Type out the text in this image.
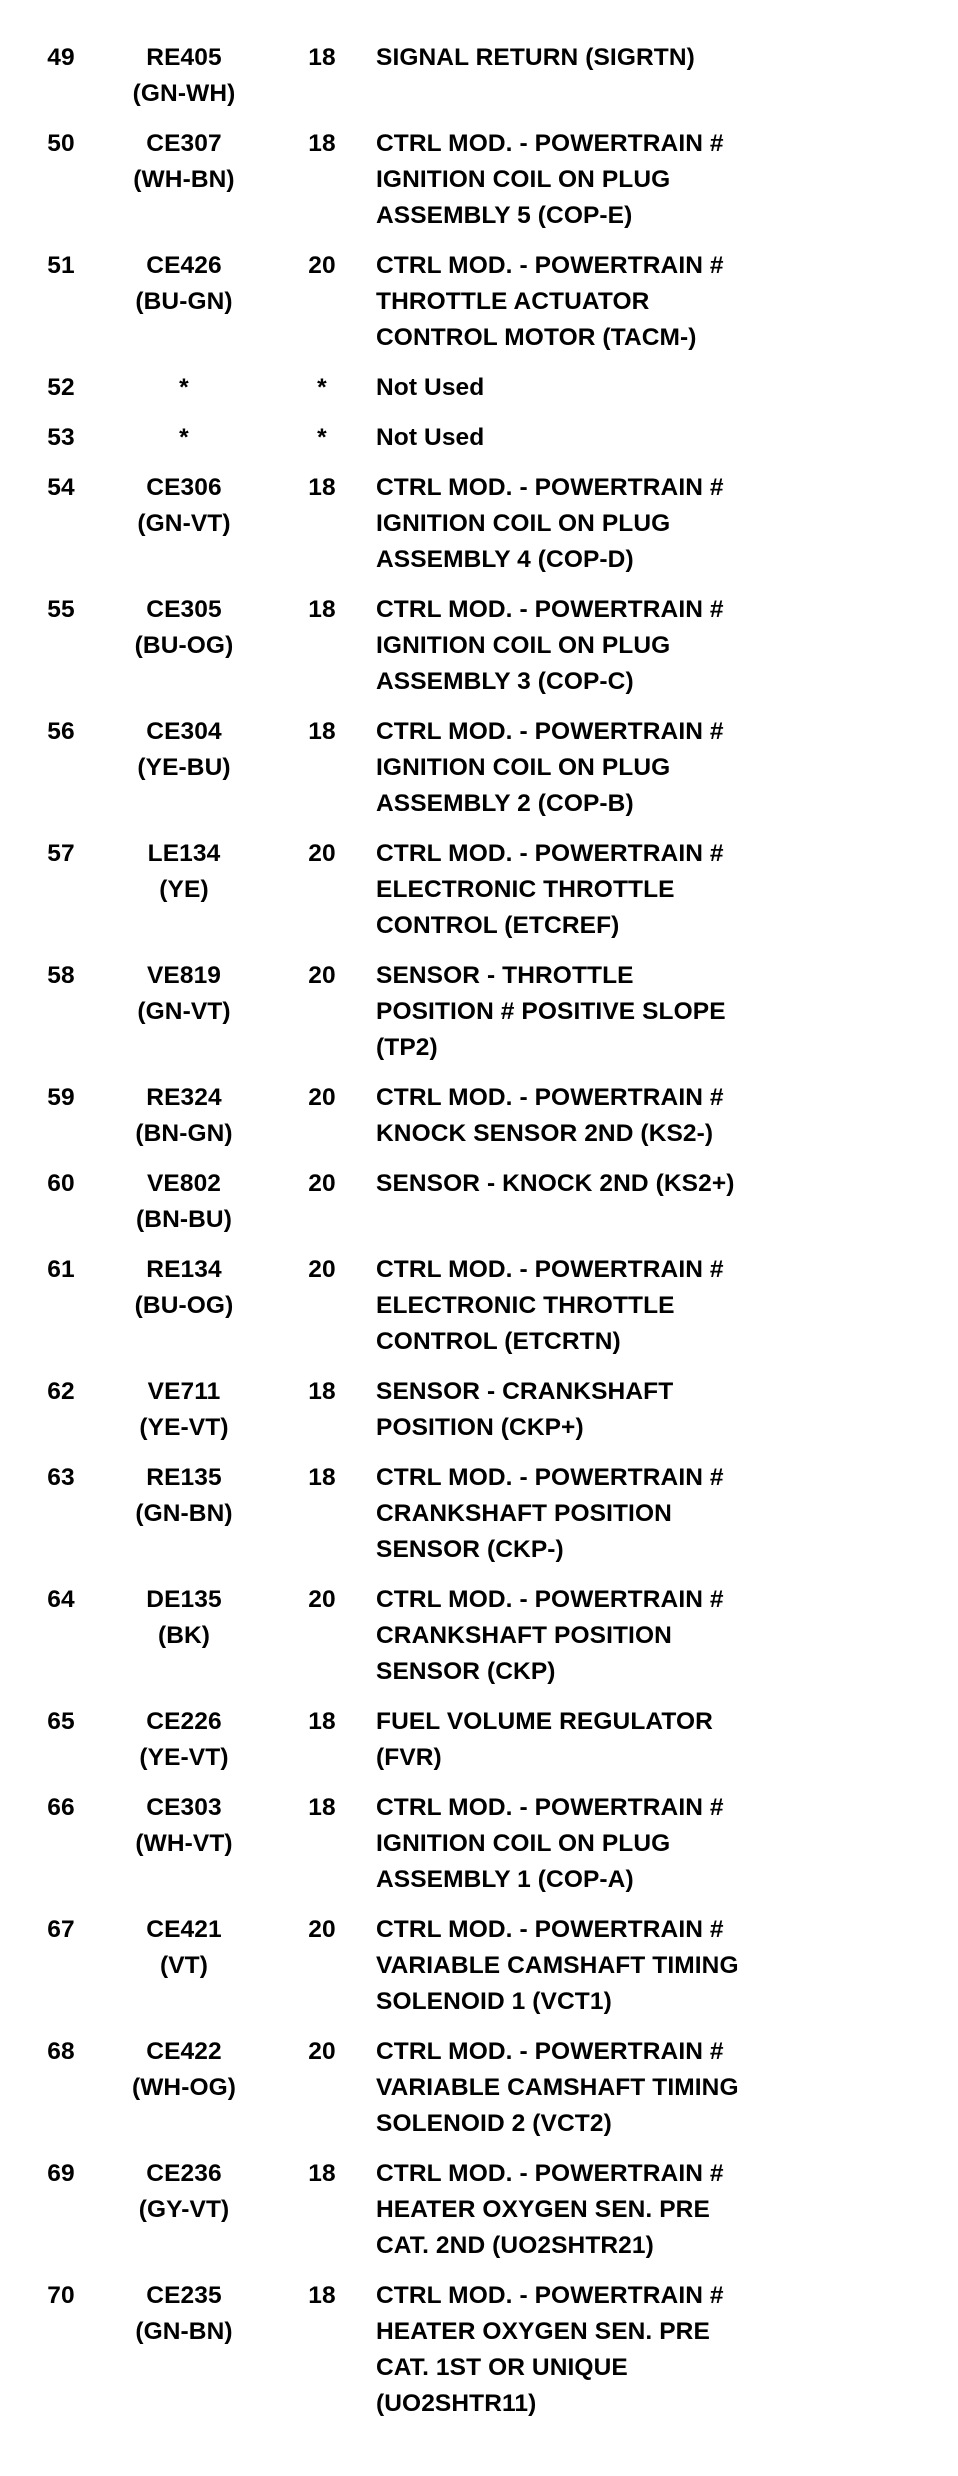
49	RE405
(GN-WH)	18	SIGNAL RETURN (SIGRTN)

50	CE307
(WH-BN)	18	CTRL MOD. - POWERTRAIN #
IGNITION COIL ON PLUG
ASSEMBLY 5 (COP-E)

51	CE426
(BU-GN)	20	CTRL MOD. - POWERTRAIN #
THROTTLE ACTUATOR
CONTROL MOTOR (TACM-)

52	*	*	Not Used

53	*	*	Not Used

54	CE306
(GN-VT)	18	CTRL MOD. - POWERTRAIN #
IGNITION COIL ON PLUG
ASSEMBLY 4 (COP-D)

55	CE305
(BU-OG)	18	CTRL MOD. - POWERTRAIN #
IGNITION COIL ON PLUG
ASSEMBLY 3 (COP-C)

56	CE304
(YE-BU)	18	CTRL MOD. - POWERTRAIN #
IGNITION COIL ON PLUG
ASSEMBLY 2 (COP-B)

57	LE134
(YE)	20	CTRL MOD. - POWERTRAIN #
ELECTRONIC THROTTLE
CONTROL (ETCREF)

58	VE819
(GN-VT)	20	SENSOR - THROTTLE
POSITION # POSITIVE SLOPE
(TP2)

59	RE324
(BN-GN)	20	CTRL MOD. - POWERTRAIN #
KNOCK SENSOR 2ND (KS2-)

60	VE802
(BN-BU)	20	SENSOR - KNOCK 2ND (KS2+)

61	RE134
(BU-OG)	20	CTRL MOD. - POWERTRAIN #
ELECTRONIC THROTTLE
CONTROL (ETCRTN)

62	VE711
(YE-VT)	18	SENSOR - CRANKSHAFT
POSITION (CKP+)

63	RE135
(GN-BN)	18	CTRL MOD. - POWERTRAIN #
CRANKSHAFT POSITION
SENSOR (CKP-)

64	DE135
(BK)	20	CTRL MOD. - POWERTRAIN #
CRANKSHAFT POSITION
SENSOR (CKP)

65	CE226
(YE-VT)	18	FUEL VOLUME REGULATOR
(FVR)

66	CE303
(WH-VT)	18	CTRL MOD. - POWERTRAIN #
IGNITION COIL ON PLUG
ASSEMBLY 1 (COP-A)

67	CE421
(VT)	20	CTRL MOD. - POWERTRAIN #
VARIABLE CAMSHAFT TIMING
SOLENOID 1 (VCT1)

68	CE422
(WH-OG)	20	CTRL MOD. - POWERTRAIN #
VARIABLE CAMSHAFT TIMING
SOLENOID 2 (VCT2)

69	CE236
(GY-VT)	18	CTRL MOD. - POWERTRAIN #
HEATER OXYGEN SEN. PRE
CAT. 2ND (UO2SHTR21)

70	CE235
(GN-BN)	18	CTRL MOD. - POWERTRAIN #
HEATER OXYGEN SEN. PRE
CAT. 1ST OR UNIQUE
(UO2SHTR11)
